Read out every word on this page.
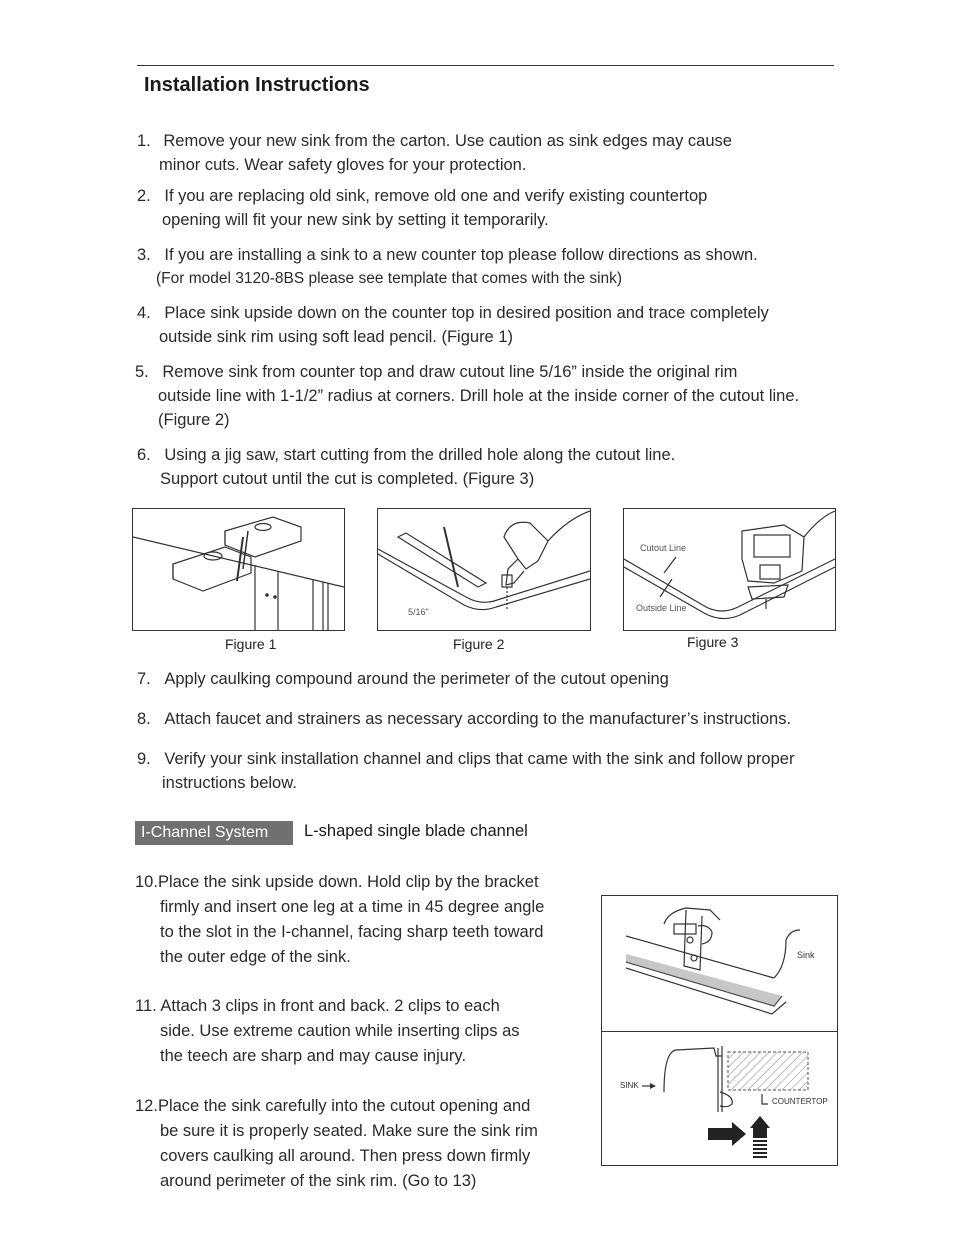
Installation Instructions
1. Remove your new sink from the carton. Use caution as sink edges may cause
minor cuts. Wear safety gloves for your protection.
2. If you are replacing old sink, remove old one and verify existing countertop
opening will fit your new sink by setting it temporarily.
3. If you are installing a sink to a new counter top please follow directions as shown.
(For model 3120-8BS please see template that comes with the sink)
4. Place sink upside down on the counter top in desired position and trace completely
outside sink rim using soft lead pencil. (Figure 1)
5. Remove sink from counter top and draw cutout line 5/16” inside the original rim
outside line with 1-1/2” radius at corners. Drill hole at the inside corner of the cutout line.
(Figure 2)
6. Using a jig saw, start cutting from the drilled hole along the cutout line.
Support cutout until the cut is completed. (Figure 3)
Figure 1
5/16"
Figure 2
Cutout Line
Outside Line
Figure 3
7. Apply caulking compound around the perimeter of the cutout opening
8. Attach faucet and strainers as necessary according to the manufacturer’s instructions.
9. Verify your sink installation channel and clips that came with the sink and follow proper
instructions below.
I-Channel System	L-shaped single blade channel
10.Place the sink upside down. Hold clip by the bracket
firmly and insert one leg at a time in 45 degree angle
to the slot in the I-channel, facing sharp teeth toward
the outer edge of the sink.
11. Attach 3 clips in front and back. 2 clips to each
side. Use extreme caution while inserting clips as
the teech are sharp and may cause injury.
12.Place the sink carefully into the cutout opening and
be sure it is properly seated. Make sure the sink rim
covers caulking all around. Then press down firmly
around perimeter of the sink rim. (Go to 13)
Sink
SINK
COUNTERTOP
